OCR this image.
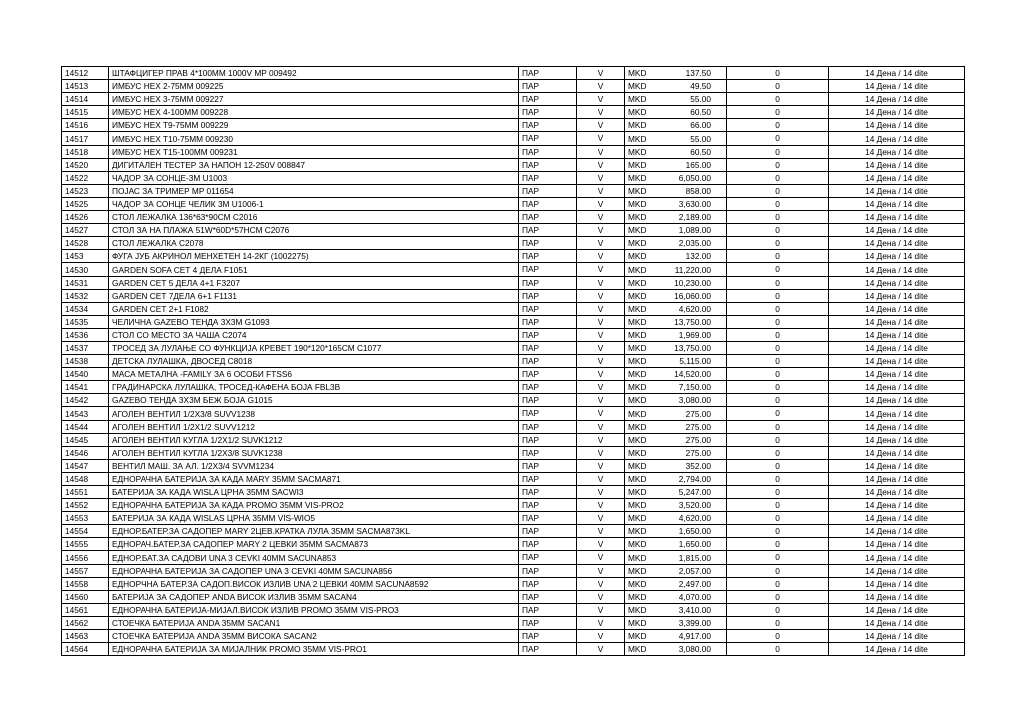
14512	ШТАФЦИГЕР ПРАВ 4*100ММ 1000V MP 009492	ПАР	V	MKD 137.50	0	14 Дена / 14 dite
14513	ИМБУС HEX 2-75ММ 009225	ПАР	V	MKD 49.50	0	14 Дена / 14 dite
14514	ИМБУС HEX 3-75ММ 009227	ПАР	V	MKD 55.00	0	14 Дена / 14 dite
14515	ИМБУС HEX 4-100ММ 009228	ПАР	V	MKD 60.50	0	14 Дена / 14 dite
14516	ИМБУС HEX T9-75ММ 009229	ПАР	V	MKD 66.00	0	14 Дена / 14 dite
14517	ИМБУС HEX T10-75ММ 009230	ПАР	V	MKD 55.00	0	14 Дена / 14 dite
14518	ИМБУС HEX T15-100ММ 009231	ПАР	V	MKD 60.50	0	14 Дена / 14 dite
14520	ДИГИТАЛЕН ТЕСТЕР ЗА НАПОН 12-250V 008847	ПАР	V	MKD 165.00	0	14 Дена / 14 dite
14522	ЧАДОР ЗА СОНЦЕ-3М U1003	ПАР	V	MKD 6,050.00	0	14 Дена / 14 dite
14523	ПОЈАС ЗА ТРИМЕР MP 011654	ПАР	V	MKD 858.00	0	14 Дена / 14 dite
14525	ЧАДОР ЗА СОНЦЕ ЧЕЛИК 3М U1006-1	ПАР	V	MKD 3,630.00	0	14 Дена / 14 dite
14526	СТОЛ ЛЕЖАЛКА 136*63*90СМ C2016	ПАР	V	MKD 2,189.00	0	14 Дена / 14 dite
14527	СТОЛ ЗА НА ПЛАЖА 51W*60D*57HCM C2076	ПАР	V	MKD 1,089.00	0	14 Дена / 14 dite
14528	СТОЛ ЛЕЖАЛКА C2078	ПАР	V	MKD 2,035.00	0	14 Дена / 14 dite
1453	ФУГА ЈУБ АКРИНОЛ МЕНХЕТЕН 14-2КГ (1002275)	ПАР	V	MKD 132.00	0	14 Дена / 14 dite
14530	GARDEN SOFA СЕТ 4 ДЕЛА F1051	ПАР	V	MKD 11,220.00	0	14 Дена / 14 dite
14531	GARDEN СЕТ 5 ДЕЛА 4+1 F3207	ПАР	V	MKD 10,230.00	0	14 Дена / 14 dite
14532	GARDEN СЕТ 7ДЕЛА 6+1 F1131	ПАР	V	MKD 16,060.00	0	14 Дена / 14 dite
14534	GARDEN СЕТ 2+1 F1082	ПАР	V	MKD 4,620.00	0	14 Дена / 14 dite
14535	ЧЕЛИЧНА GAZEBO ТЕНДА 3Х3М G1093	ПАР	V	MKD 13,750.00	0	14 Дена / 14 dite
14536	СТОЛ СО МЕСТО ЗА ЧАША C2074	ПАР	V	MKD 1,969.00	0	14 Дена / 14 dite
14537	ТРОСЕД ЗА ЛУЛАЊЕ СО ФУНКЦИЈА КРЕВЕТ 190*120*165СМ C1077	ПАР	V	MKD 13,750.00	0	14 Дена / 14 dite
14538	ДЕТСКА ЛУЛАШКА, ДВОСЕД C8018	ПАР	V	MKD 5,115.00	0	14 Дена / 14 dite
14540	МАСА МЕТАЛНА -FAMILY ЗА 6 ОСОБИ FTSS6	ПАР	V	MKD 14,520.00	0	14 Дена / 14 dite
14541	ГРАДИНАРСКА ЛУЛАШКА, ТРОСЕД-КАФЕНА БОЈА FBL3B	ПАР	V	MKD 7,150.00	0	14 Дена / 14 dite
14542	GAZEBO ТЕНДА 3Х3М БЕЖ БОЈА G1015	ПАР	V	MKD 3,080.00	0	14 Дена / 14 dite
14543	АГОЛЕН ВЕНТИЛ 1/2Х3/8 SUVV1238	ПАР	V	MKD 275.00	0	14 Дена / 14 dite
14544	АГОЛЕН ВЕНТИЛ 1/2Х1/2 SUVV1212	ПАР	V	MKD 275.00	0	14 Дена / 14 dite
14545	АГОЛЕН ВЕНТИЛ КУГЛА 1/2Х1/2 SUVK1212	ПАР	V	MKD 275.00	0	14 Дена / 14 dite
14546	АГОЛЕН ВЕНТИЛ КУГЛА 1/2Х3/8 SUVK1238	ПАР	V	MKD 275.00	0	14 Дена / 14 dite
14547	ВЕНТИЛ МАШ. ЗА АЛ. 1/2Х3/4 SVVM1234	ПАР	V	MKD 352.00	0	14 Дена / 14 dite
14548	ЕДНОРАЧНА БАТЕРИЈА ЗА КАДА MARY 35MM SACMA871	ПАР	V	MKD 2,794.00	0	14 Дена / 14 dite
14551	БАТЕРИЈА ЗА КАДА WISLA ЦРНА 35ММ SACWI3	ПАР	V	MKD 5,247.00	0	14 Дена / 14 dite
14552	ЕДНОРАЧНА БАТЕРИЈА ЗА КАДА PROMO 35MM VIS-PRO2	ПАР	V	MKD 3,520.00	0	14 Дена / 14 dite
14553	БАТЕРИЈА ЗА КАДА WISLAS ЦРНА 35MM VIS-WIO5	ПАР	V	MKD 4,620.00	0	14 Дена / 14 dite
14554	ЕДНОР.БАТЕР.ЗА САДОПЕР MARY 2ЦЕВ.КРАТКА ЛУЛА 35MM SACMA873KL	ПАР	V	MKD 1,650.00	0	14 Дена / 14 dite
14555	ЕДНОРАЧ.БАТЕР.ЗА САДОПЕР MARY 2 ЦЕВКИ 35MM SACMA873	ПАР	V	MKD 1,650.00	0	14 Дена / 14 dite
14556	ЕДНОР.БАТ.ЗА САДОВИ UNA 3 CEVKI 40MM SACUNA853	ПАР	V	MKD 1,815.00	0	14 Дена / 14 dite
14557	ЕДНОРАЧНА БАТЕРИЈА ЗА САДОПЕР UNA 3 CEVKI 40MM SACUNA856	ПАР	V	MKD 2,057.00	0	14 Дена / 14 dite
14558	ЕДНОРЧНА БАТЕР.ЗА САДОП.ВИСОК ИЗЛИВ UNA 2 ЦЕВКИ 40MM SACUNA8592	ПАР	V	MKD 2,497.00	0	14 Дена / 14 dite
14560	БАТЕРИЈА ЗА САДОПЕР ANDA ВИСОК ИЗЛИВ 35MM SACAN4	ПАР	V	MKD 4,070.00	0	14 Дена / 14 dite
14561	ЕДНОРАЧНА БАТЕРИЈА-МИЈАЛ.ВИСОК ИЗЛИВ PROMO 35MM VIS-PRO3	ПАР	V	MKD 3,410.00	0	14 Дена / 14 dite
14562	СТОЕЧКА БАТЕРИЈА ANDA 35MM SACAN1	ПАР	V	MKD 3,399.00	0	14 Дена / 14 dite
14563	СТОЕЧКА БАТЕРИЈА ANDA 35MM ВИСОКА SACAN2	ПАР	V	MKD 4,917.00	0	14 Дена / 14 dite
14564	ЕДНОРАЧНА БАТЕРИЈА ЗА МИЈАЛНИК PROMO 35MM VIS-PRO1	ПАР	V	MKD 3,080.00	0	14 Дена / 14 dite
